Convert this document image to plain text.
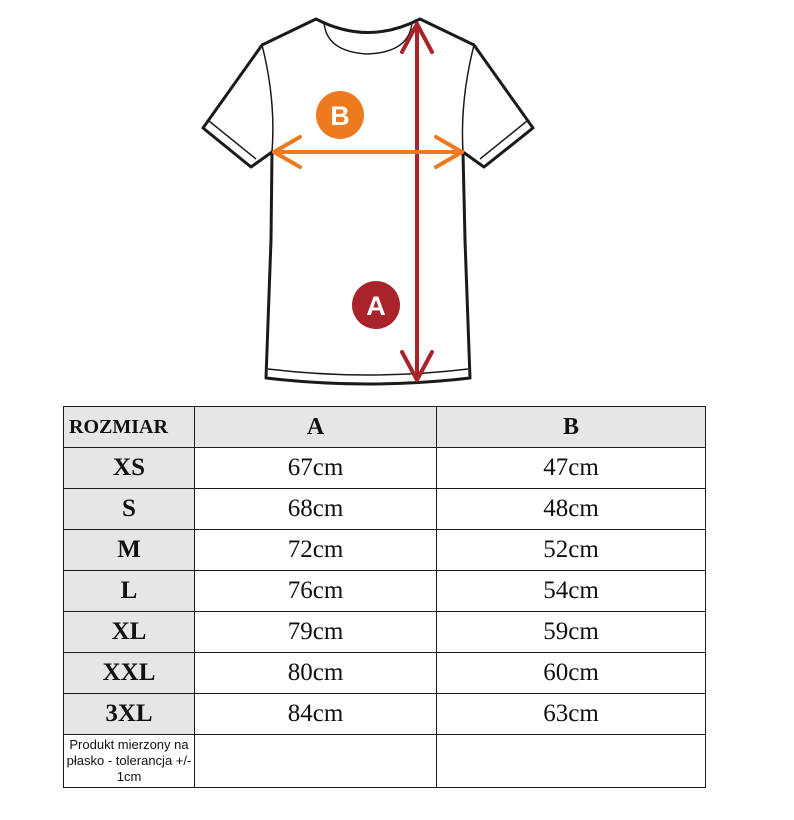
B
A
ROZMIAR	A	B
XS	67cm	47cm
S	68cm	48cm
M	72cm	52cm
L	76cm	54cm
XL	79cm	59cm
XXL	80cm	60cm
3XL	84cm	63cm
Produkt mierzony na płasko - tolerancja +/- 1cm		
